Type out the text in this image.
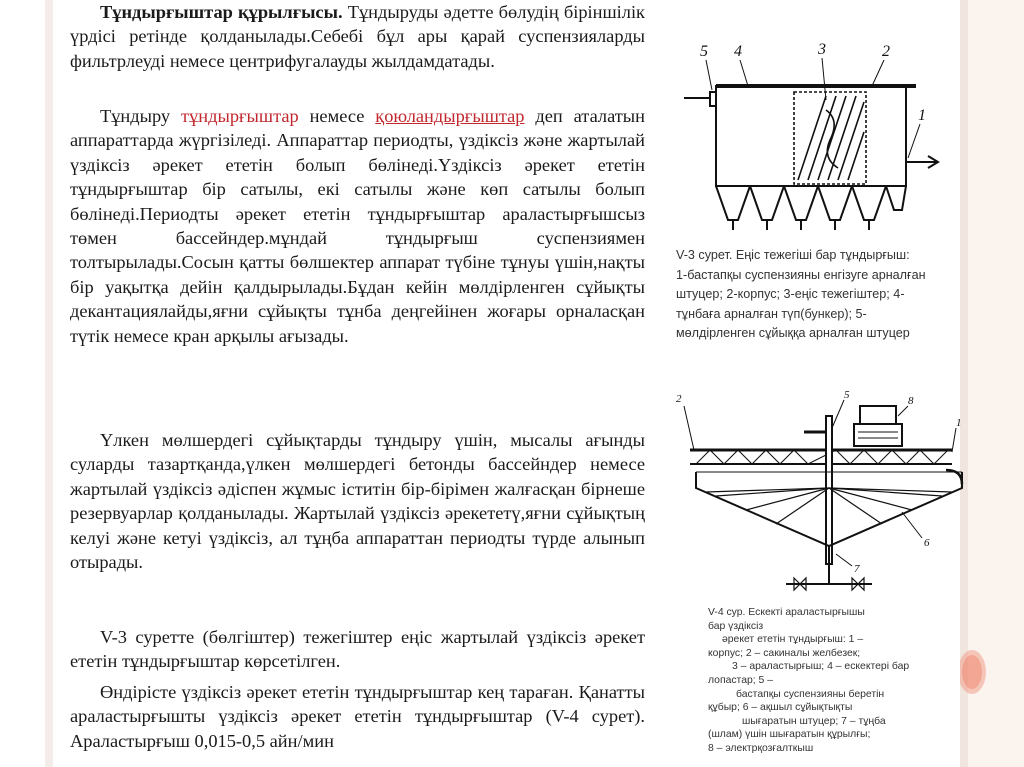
Тұндырғыштар құрылғысы. Тұндыруды әдетте бөлудің біріншілік үрдісі ретінде қолданылады.Себебі бұл ары қарай суспензияларды фильтрлеуді немесе центрифугалауды жылдамдатады.
Тұндыру тұндырғыштар немесе қоюландырғыштар деп аталатын аппараттарда жүргізіледі. Аппараттар периодты, үздіксіз және жартылай үздіксіз әрекет ететін болып бөлінеді.Үздіксіз әрекет ететін тұндырғыштар бір сатылы, екі сатылы және көп сатылы болып бөлінеді.Периодты әрекет ететін тұндырғыштар араластырғышсыз төмен бассейндер.мұндай тұндырғыш суспензиямен толтырылады.Сосын қатты бөлшектер аппарат түбіне тұнуы үшін,нақты бір уақытқа дейін қалдырылады.Бұдан кейін мөлдірленген сұйықты декантациялайды,яғни сұйықты тұнба деңгейінен жоғары орналасқан түтік немесе кран арқылы ағызады.
Үлкен мөлшердегі сұйықтарды тұндыру үшін, мысалы ағынды суларды тазартқанда,үлкен мөлшердегі бетонды бассейндер немесе жартылай үздіксіз әдіспен жұмыс іститін бір-бірімен жалғасқан бірнеше резервуарлар қолданылады. Жартылай үздіксіз әрекететү,яғни сұйықтың келуі және кетуі үздіксіз, ал тұңба аппараттан периодты түрде алынып отырады.
V-3 суретте (бөлгіштер) тежегіштер еңіс жартылай үздіксіз әрекет ететін тұндырғыштар көрсетілген.
Өндірісте үздіксіз әрекет ететін тұндырғыштар кең тараған. Қанатты араластырғышты үздіксіз әрекет ететін тұндырғыштар (V-4 сурет). Араластырғыш 0,015-0,5 айн/мин
5 4	3	2
1
V-3 сурет. Еңіс тежегіші бар тұндырғыш:
1-бастапқы суспензияны енгізуге арналған
штуцер; 2-корпус; 3-еңіс тежегіштер; 4-
тұнбаға арналған түп(бункер); 5-
мөлдірленген сұйыққа арналған штуцер
2	5	8
1
6
7
V-4 сур. Ескекті араластырғышы
бар үздіксіз
әрекет ететін тұндырғыш: 1 –
корпус; 2 – сакиналы желбезек;
3 – араластырғыш; 4 – ескектері бар
лопастар; 5 –
бастапқы суспензияны беретін
құбыр; 6 – ақшыл сұйықтықты
шығаратын штуцер; 7 – тұңба
(шлам) үшін шығаратын құрылғы;
8 – электрқозғалткыш
